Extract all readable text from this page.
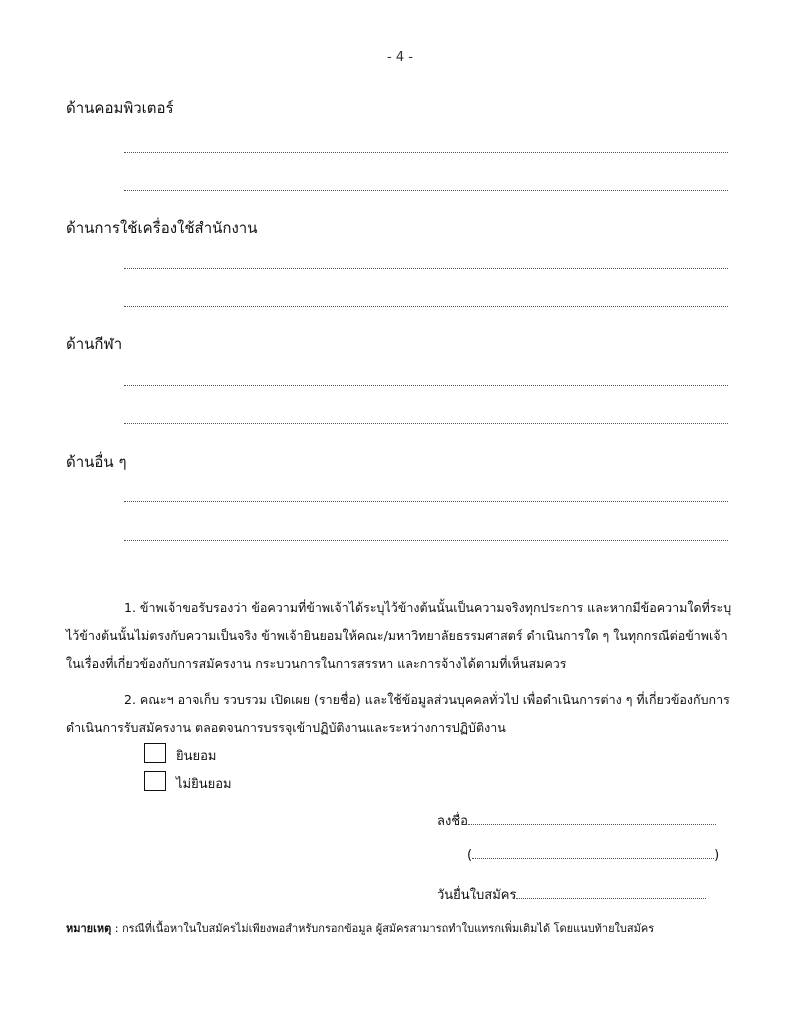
- 4 -
ด้านคอมพิวเตอร์
ด้านการใช้เครื่องใช้สำนักงาน
ด้านกีฬา
ด้านอื่น ๆ
1. ข้าพเจ้าขอรับรองว่า ข้อความที่ข้าพเจ้าได้ระบุไว้ข้างต้นนั้นเป็นความจริงทุกประการ และหากมีข้อความใดที่ระบุไว้ข้างต้นนั้นไม่ตรงกับความเป็นจริง ข้าพเจ้ายินยอมให้คณะ/มหาวิทยาลัยธรรมศาสตร์ ดำเนินการใด ๆ ในทุกกรณีต่อข้าพเจ้าในเรื่องที่เกี่ยวข้องกับการสมัครงาน กระบวนการในการสรรหา และการจ้างได้ตามที่เห็นสมควร
2. คณะฯ อาจเก็บ รวบรวม เปิดเผย (รายชื่อ) และใช้ข้อมูลส่วนบุคคลทั่วไป เพื่อดำเนินการต่าง ๆ ที่เกี่ยวข้องกับการดำเนินการรับสมัครงาน ตลอดจนการบรรจุเข้าปฏิบัติงานและระหว่างการปฏิบัติงาน
ยินยอม
ไม่ยินยอม
ลงชื่อ
(	)
วันยื่นใบสมัคร
หมายเหตุ : กรณีที่เนื้อหาในใบสมัครไม่เพียงพอสำหรับกรอกข้อมูล ผู้สมัครสามารถทำใบแทรกเพิ่มเติมได้ โดยแนบท้ายใบสมัคร
